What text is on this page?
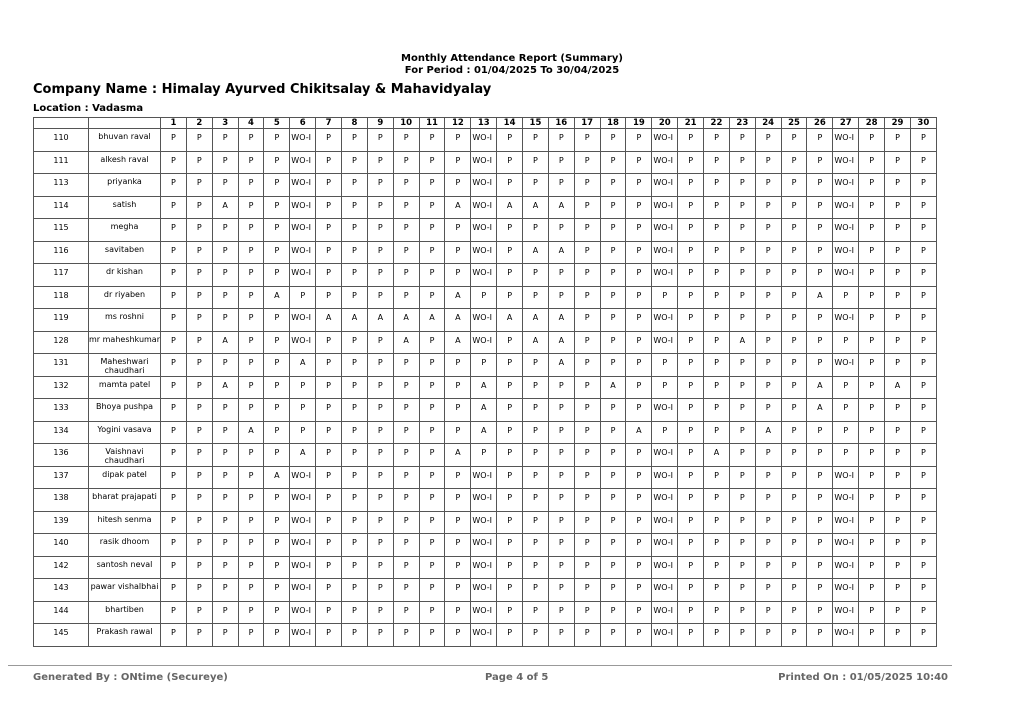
Monthly Attendance Report (Summary)
For Period : 01/04/2025 To 30/04/2025
Company Name : Himalay Ayurved Chikitsalay & Mahavidyalay
Location : Vadasma
		1	2	3	4	5	6	7	8	9	10	11	12	13	14	15	16	17	18	19	20	21	22	23	24	25	26	27	28	29	30
110	bhuvan raval	P	P	P	P	P	WO-I	P	P	P	P	P	P	WO-I	P	P	P	P	P	P	WO-I	P	P	P	P	P	P	WO-I	P	P	P
111	alkesh raval	P	P	P	P	P	WO-I	P	P	P	P	P	P	WO-I	P	P	P	P	P	P	WO-I	P	P	P	P	P	P	WO-I	P	P	P
113	priyanka	P	P	P	P	P	WO-I	P	P	P	P	P	P	WO-I	P	P	P	P	P	P	WO-I	P	P	P	P	P	P	WO-I	P	P	P
114	satish	P	P	A	P	P	WO-I	P	P	P	P	P	A	WO-I	A	A	A	P	P	P	WO-I	P	P	P	P	P	P	WO-I	P	P	P
115	megha	P	P	P	P	P	WO-I	P	P	P	P	P	P	WO-I	P	P	P	P	P	P	WO-I	P	P	P	P	P	P	WO-I	P	P	P
116	savitaben	P	P	P	P	P	WO-I	P	P	P	P	P	P	WO-I	P	A	A	P	P	P	WO-I	P	P	P	P	P	P	WO-I	P	P	P
117	dr kishan	P	P	P	P	P	WO-I	P	P	P	P	P	P	WO-I	P	P	P	P	P	P	WO-I	P	P	P	P	P	P	WO-I	P	P	P
118	dr riyaben	P	P	P	P	A	P	P	P	P	P	P	A	P	P	P	P	P	P	P	P	P	P	P	P	P	A	P	P	P	P
119	ms roshni	P	P	P	P	P	WO-I	A	A	A	A	A	A	WO-I	A	A	A	P	P	P	WO-I	P	P	P	P	P	P	WO-I	P	P	P
128	mr maheshkumar	P	P	A	P	P	WO-I	P	P	P	A	P	A	WO-I	P	A	A	P	P	P	WO-I	P	P	A	P	P	P	P	P	P	P
131	Maheshwari chaudhari	P	P	P	P	P	A	P	P	P	P	P	P	P	P	P	A	P	P	P	P	P	P	P	P	P	P	WO-I	P	P	P
132	mamta patel	P	P	A	P	P	P	P	P	P	P	P	P	A	P	P	P	P	A	P	P	P	P	P	P	P	A	P	P	A	P
133	Bhoya pushpa	P	P	P	P	P	P	P	P	P	P	P	P	A	P	P	P	P	P	P	WO-I	P	P	P	P	P	A	P	P	P	P
134	Yogini vasava	P	P	P	A	P	P	P	P	P	P	P	P	A	P	P	P	P	P	A	P	P	P	P	A	P	P	P	P	P	P
136	Vaishnavi chaudhari	P	P	P	P	P	A	P	P	P	P	P	A	P	P	P	P	P	P	P	WO-I	P	A	P	P	P	P	P	P	P	P
137	dipak patel	P	P	P	P	A	WO-I	P	P	P	P	P	P	WO-I	P	P	P	P	P	P	WO-I	P	P	P	P	P	P	WO-I	P	P	P
138	bharat prajapati	P	P	P	P	P	WO-I	P	P	P	P	P	P	WO-I	P	P	P	P	P	P	WO-I	P	P	P	P	P	P	WO-I	P	P	P
139	hitesh senma	P	P	P	P	P	WO-I	P	P	P	P	P	P	WO-I	P	P	P	P	P	P	WO-I	P	P	P	P	P	P	WO-I	P	P	P
140	rasik dhoom	P	P	P	P	P	WO-I	P	P	P	P	P	P	WO-I	P	P	P	P	P	P	WO-I	P	P	P	P	P	P	WO-I	P	P	P
142	santosh neval	P	P	P	P	P	WO-I	P	P	P	P	P	P	WO-I	P	P	P	P	P	P	WO-I	P	P	P	P	P	P	WO-I	P	P	P
143	pawar vishalbhai	P	P	P	P	P	WO-I	P	P	P	P	P	P	WO-I	P	P	P	P	P	P	WO-I	P	P	P	P	P	P	WO-I	P	P	P
144	bhartiben	P	P	P	P	P	WO-I	P	P	P	P	P	P	WO-I	P	P	P	P	P	P	WO-I	P	P	P	P	P	P	WO-I	P	P	P
145	Prakash rawal	P	P	P	P	P	WO-I	P	P	P	P	P	P	WO-I	P	P	P	P	P	P	WO-I	P	P	P	P	P	P	WO-I	P	P	P
Generated By : ONtime (Secureye)	Page 4 of 5	Printed On : 01/05/2025 10:40
